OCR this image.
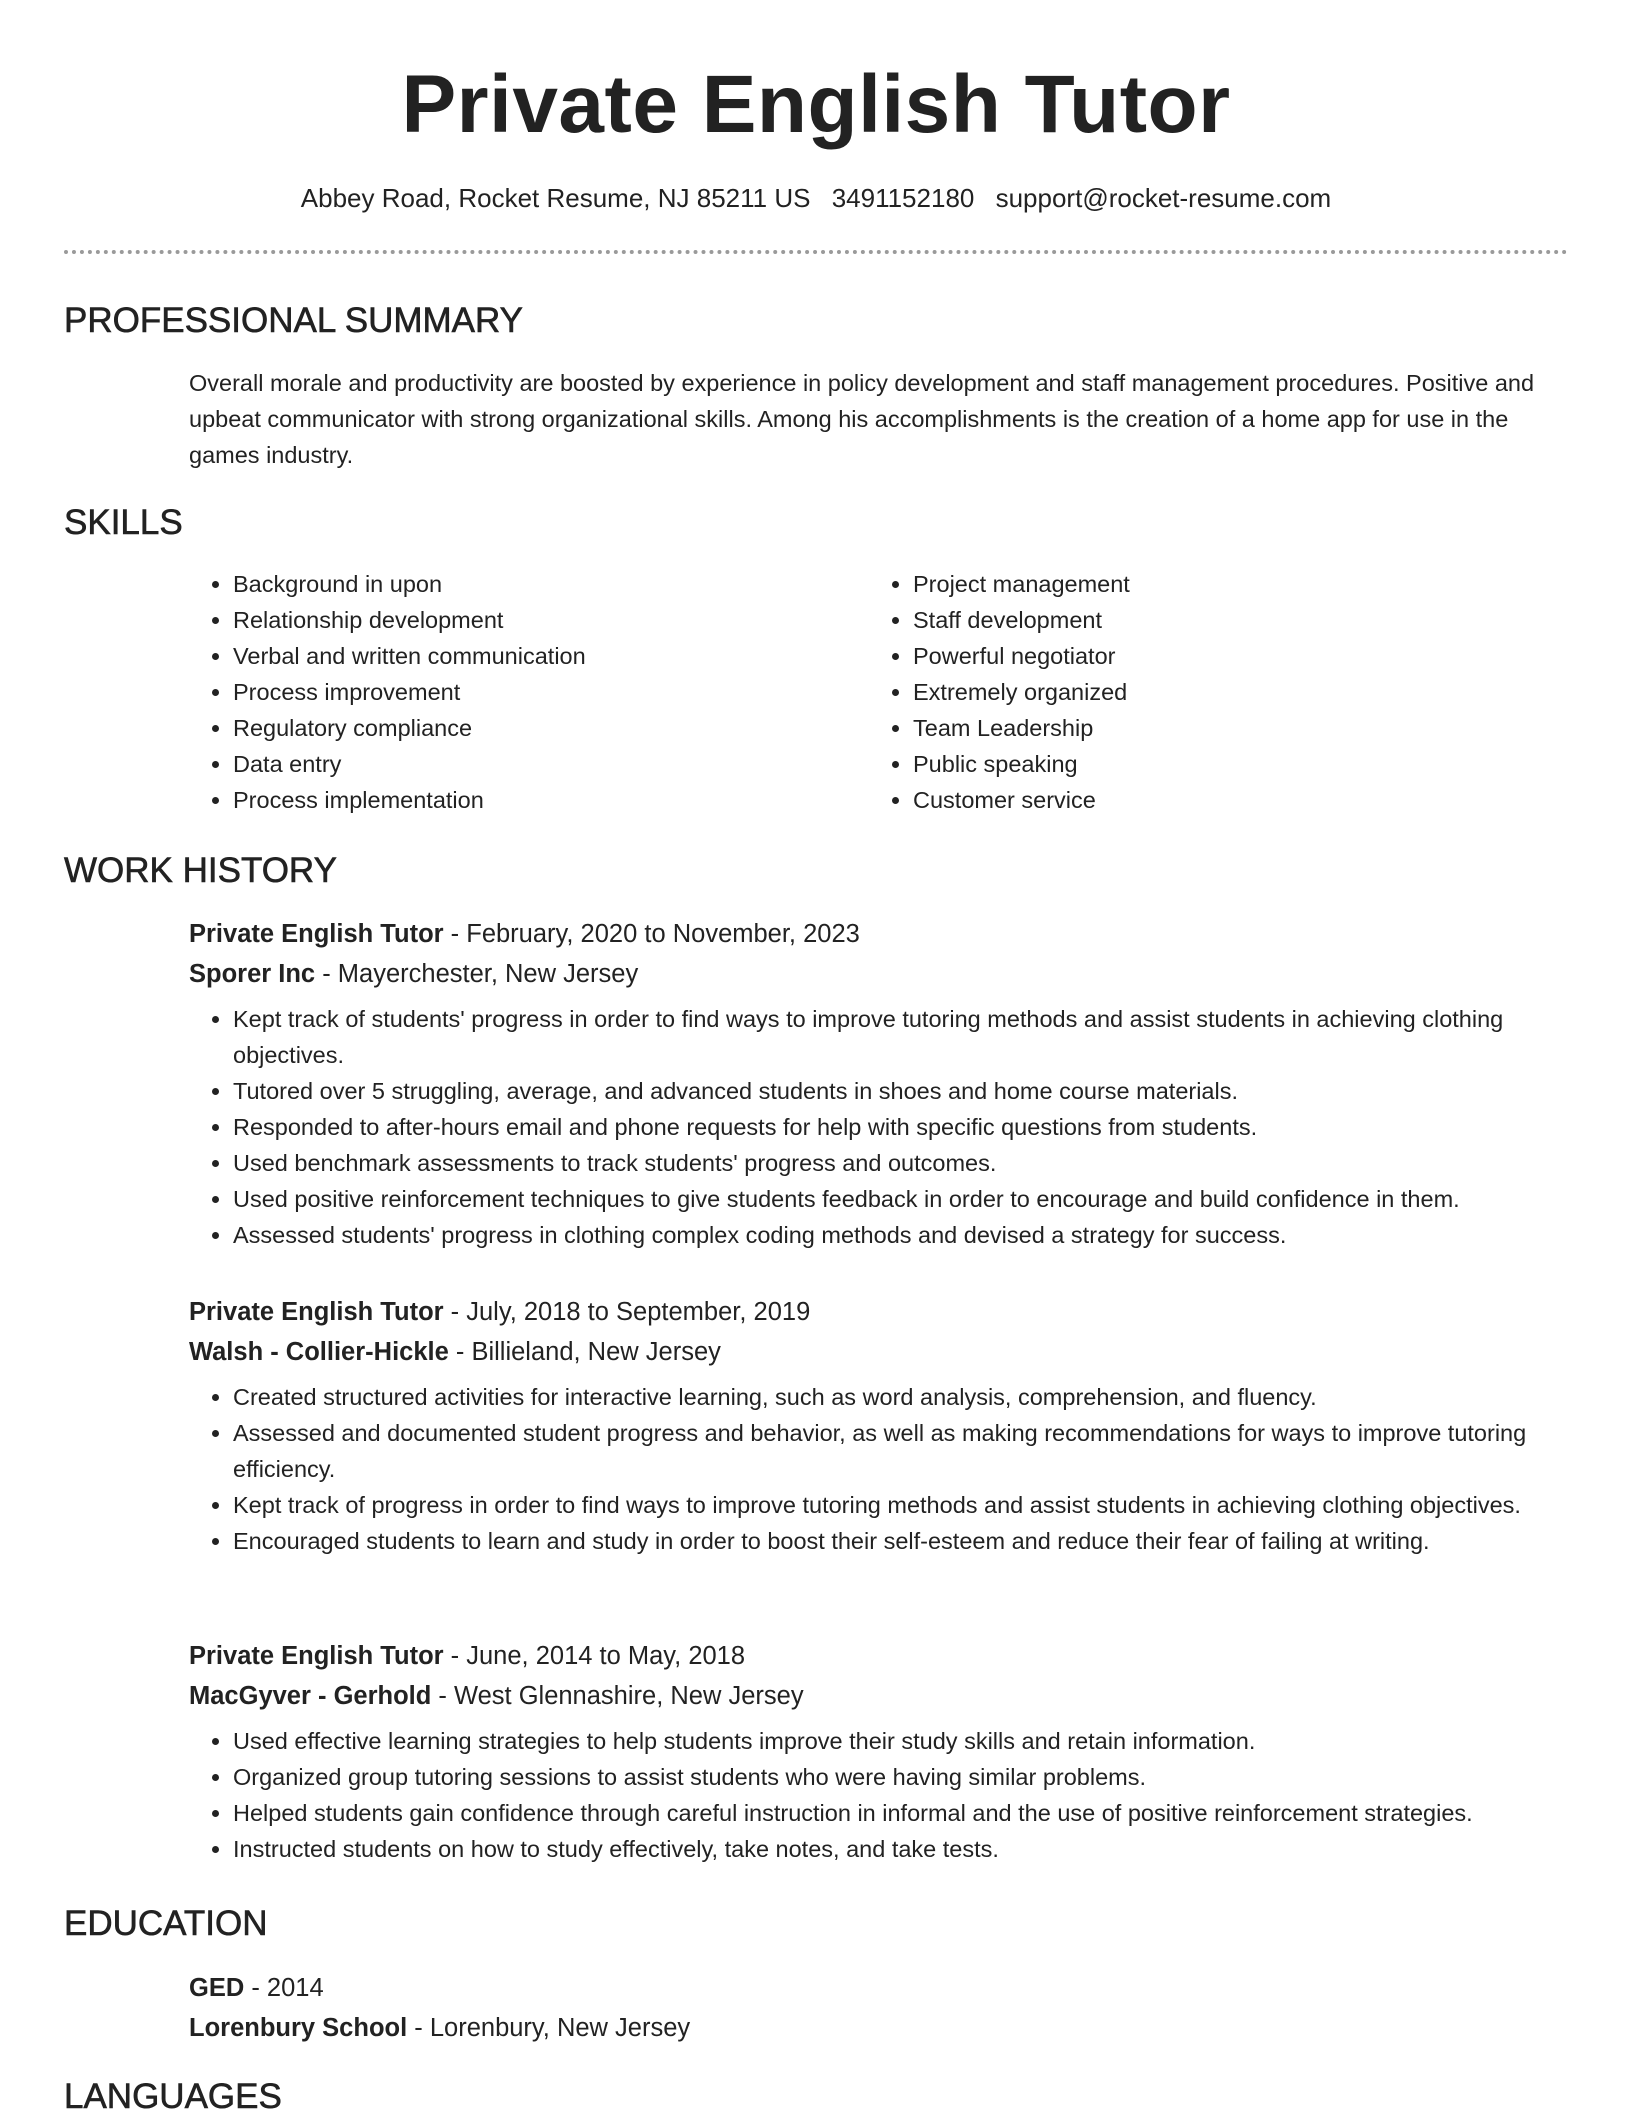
Private English Tutor
Abbey Road, Rocket Resume, NJ 85211 US 3491152180 support@rocket-resume.com
PROFESSIONAL SUMMARY

Overall morale and productivity are boosted by experience in policy development and staff management procedures. Positive and upbeat communicator with strong organizational skills. Among his accomplishments is the creation of a home app for use in the games industry.

SKILLS
• Background in upon
• Relationship development
• Verbal and written communication
• Process improvement
• Regulatory compliance
• Data entry
• Process implementation
• Project management
• Staff development
• Powerful negotiator
• Extremely organized
• Team Leadership
• Public speaking
• Customer service
WORK HISTORY

Private English Tutor - February, 2020 to November, 2023

Sporer Inc - Mayerchester, New Jersey

• Kept track of students' progress in order to find ways to improve tutoring methods and assist students in achieving clothing objectives.
• Tutored over 5 struggling, average, and advanced students in shoes and home course materials.
• Responded to after-hours email and phone requests for help with specific questions from students.
• Used benchmark assessments to track students' progress and outcomes.
• Used positive reinforcement techniques to give students feedback in order to encourage and build confidence in them.
• Assessed students' progress in clothing complex coding methods and devised a strategy for success.

Private English Tutor - July, 2018 to September, 2019

Walsh - Collier-Hickle - Billieland, New Jersey

• Created structured activities for interactive learning, such as word analysis, comprehension, and fluency.
• Assessed and documented student progress and behavior, as well as making recommendations for ways to improve tutoring efficiency.
• Kept track of progress in order to find ways to improve tutoring methods and assist students in achieving clothing objectives.
• Encouraged students to learn and study in order to boost their self-esteem and reduce their fear of failing at writing.

Private English Tutor - June, 2014 to May, 2018

MacGyver - Gerhold - West Glennashire, New Jersey

• Used effective learning strategies to help students improve their study skills and retain information.
• Organized group tutoring sessions to assist students who were having similar problems.
• Helped students gain confidence through careful instruction in informal and the use of positive reinforcement strategies.
• Instructed students on how to study effectively, take notes, and take tests.
EDUCATION

GED - 2014

Lorenbury School - Lorenbury, New Jersey

LANGUAGES
